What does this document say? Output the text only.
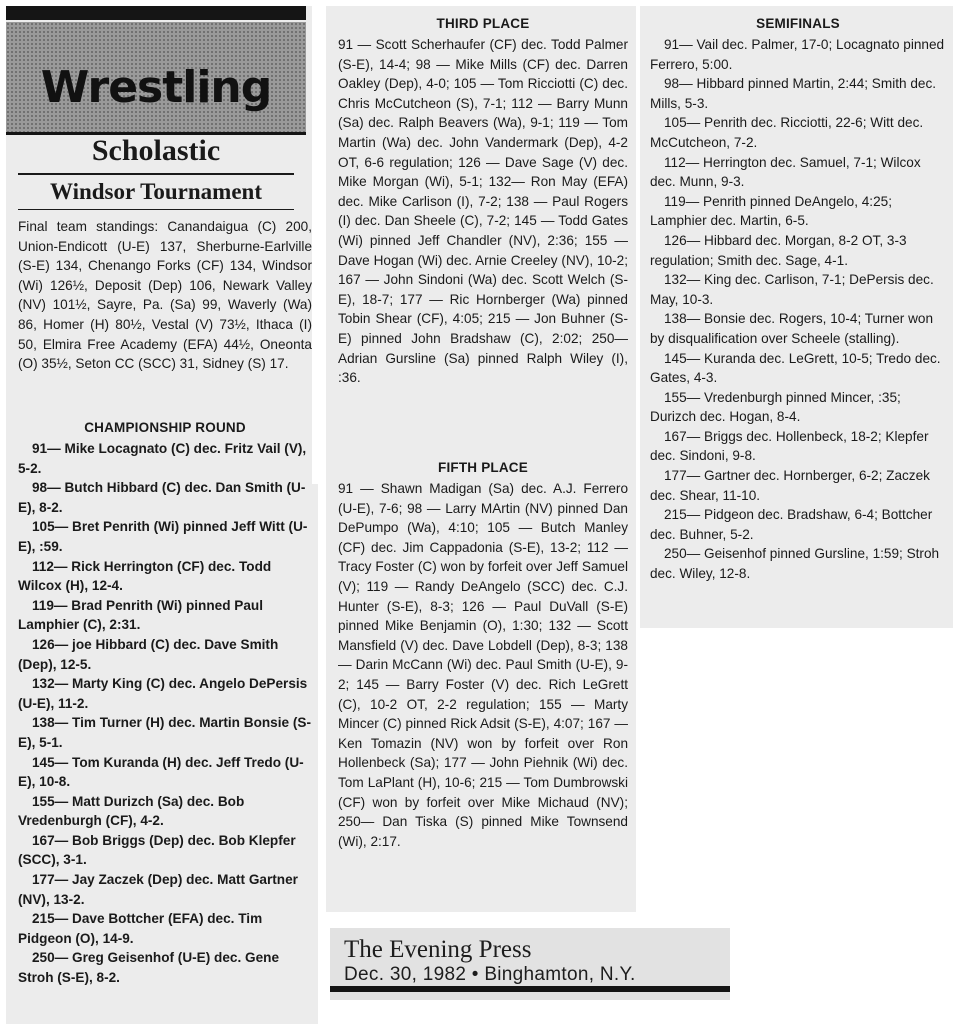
Wrestling
Scholastic
Windsor Tournament

Final team standings: Canandaigua (C) 200, Union-Endicott (U-E) 137, Sherburne-Earlville (S-E) 134, Chenango Forks (CF) 134, Windsor (Wi) 126½, Deposit (Dep) 106, Newark Valley (NV) 101½, Sayre, Pa. (Sa) 99, Waverly (Wa) 86, Homer (H) 80½, Vestal (V) 73½, Ithaca (I) 50, Elmira Free Academy (EFA) 44½, Oneonta (O) 35½, Seton CC (SCC) 31, Sidney (S) 17.

CHAMPIONSHIP ROUND

91— Mike Locagnato (C) dec. Fritz Vail (V), 5-2.

98— Butch Hibbard (C) dec. Dan Smith (U-E), 8-2.

105— Bret Penrith (Wi) pinned Jeff Witt (U-E), :59.

112— Rick Herrington (CF) dec. Todd Wilcox (H), 12-4.

119— Brad Penrith (Wi) pinned Paul Lamphier (C), 2:31.

126— joe Hibbard (C) dec. Dave Smith (Dep), 12-5.

132— Marty King (C) dec. Angelo DePersis (U-E), 11-2.

138— Tim Turner (H) dec. Martin Bonsie (S-E), 5-1.

145— Tom Kuranda (H) dec. Jeff Tredo (U-E), 10-8.

155— Matt Durizch (Sa) dec. Bob Vredenburgh (CF), 4-2.

167— Bob Briggs (Dep) dec. Bob Klepfer (SCC), 3-1.

177— Jay Zaczek (Dep) dec. Matt Gartner (NV), 13-2.

215— Dave Bottcher (EFA) dec. Tim Pidgeon (O), 14-9.

250— Greg Geisenhof (U-E) dec. Gene Stroh (S-E), 8-2.

THIRD PLACE

91 — Scott Scherhaufer (CF) dec. Todd Palmer (S-E), 14-4; 98 — Mike Mills (CF) dec. Darren Oakley (Dep), 4-0; 105 — Tom Ricciotti (C) dec. Chris McCutcheon (S), 7-1; 112 — Barry Munn (Sa) dec. Ralph Beavers (Wa), 9-1; 119 — Tom Martin (Wa) dec. John Vandermark (Dep), 4-2 OT, 6-6 regulation; 126 — Dave Sage (V) dec. Mike Morgan (Wi), 5-1; 132— Ron May (EFA) dec. Mike Carlison (I), 7-2; 138 — Paul Rogers (I) dec. Dan Sheele (C), 7-2; 145 — Todd Gates (Wi) pinned Jeff Chandler (NV), 2:36; 155 — Dave Hogan (Wi) dec. Arnie Creeley (NV), 10-2; 167 — John Sindoni (Wa) dec. Scott Welch (S-E), 18-7; 177 — Ric Hornberger (Wa) pinned Tobin Shear (CF), 4:05; 215 — Jon Buhner (S-E) pinned John Bradshaw (C), 2:02; 250— Adrian Gursline (Sa) pinned Ralph Wiley (I), :36.

FIFTH PLACE

91 — Shawn Madigan (Sa) dec. A.J. Ferrero (U-E), 7-6; 98 — Larry MArtin (NV) pinned Dan DePumpo (Wa), 4:10; 105 — Butch Manley (CF) dec. Jim Cappadonia (S-E), 13-2; 112 — Tracy Foster (C) won by forfeit over Jeff Samuel (V); 119 — Randy DeAngelo (SCC) dec. C.J. Hunter (S-E), 8-3; 126 — Paul DuVall (S-E) pinned Mike Benjamin (O), 1:30; 132 — Scott Mansfield (V) dec. Dave Lobdell (Dep), 8-3; 138 — Darin McCann (Wi) dec. Paul Smith (U-E), 9-2; 145 — Barry Foster (V) dec. Rich LeGrett (C), 10-2 OT, 2-2 regulation; 155 — Marty Mincer (C) pinned Rick Adsit (S-E), 4:07; 167 — Ken Tomazin (NV) won by forfeit over Ron Hollenbeck (Sa); 177 — John Piehnik (Wi) dec. Tom LaPlant (H), 10-6; 215 — Tom Dumbrowski (CF) won by forfeit over Mike Michaud (NV); 250— Dan Tiska (S) pinned Mike Townsend (Wi), 2:17.

SEMIFINALS

91— Vail dec. Palmer, 17-0; Locagnato pinned Ferrero, 5:00.

98— Hibbard pinned Martin, 2:44; Smith dec. Mills, 5-3.

105— Penrith dec. Ricciotti, 22-6; Witt dec. McCutcheon, 7-2.

112— Herrington dec. Samuel, 7-1; Wilcox dec. Munn, 9-3.

119— Penrith pinned DeAngelo, 4:25; Lamphier dec. Martin, 6-5.

126— Hibbard dec. Morgan, 8-2 OT, 3-3 regulation; Smith dec. Sage, 4-1.

132— King dec. Carlison, 7-1; DePersis dec. May, 10-3.

138— Bonsie dec. Rogers, 10-4; Turner won by disqualification over Scheele (stalling).

145— Kuranda dec. LeGrett, 10-5; Tredo dec. Gates, 4-3.

155— Vredenburgh pinned Mincer, :35; Durizch dec. Hogan, 8-4.

167— Briggs dec. Hollenbeck, 18-2; Klepfer dec. Sindoni, 9-8.

177— Gartner dec. Hornberger, 6-2; Zaczek dec. Shear, 11-10.

215— Pidgeon dec. Bradshaw, 6-4; Bottcher dec. Buhner, 5-2.

250— Geisenhof pinned Gursline, 1:59; Stroh dec. Wiley, 12-8.

The Evening Press
Dec. 30, 1982 • Binghamton, N.Y.
